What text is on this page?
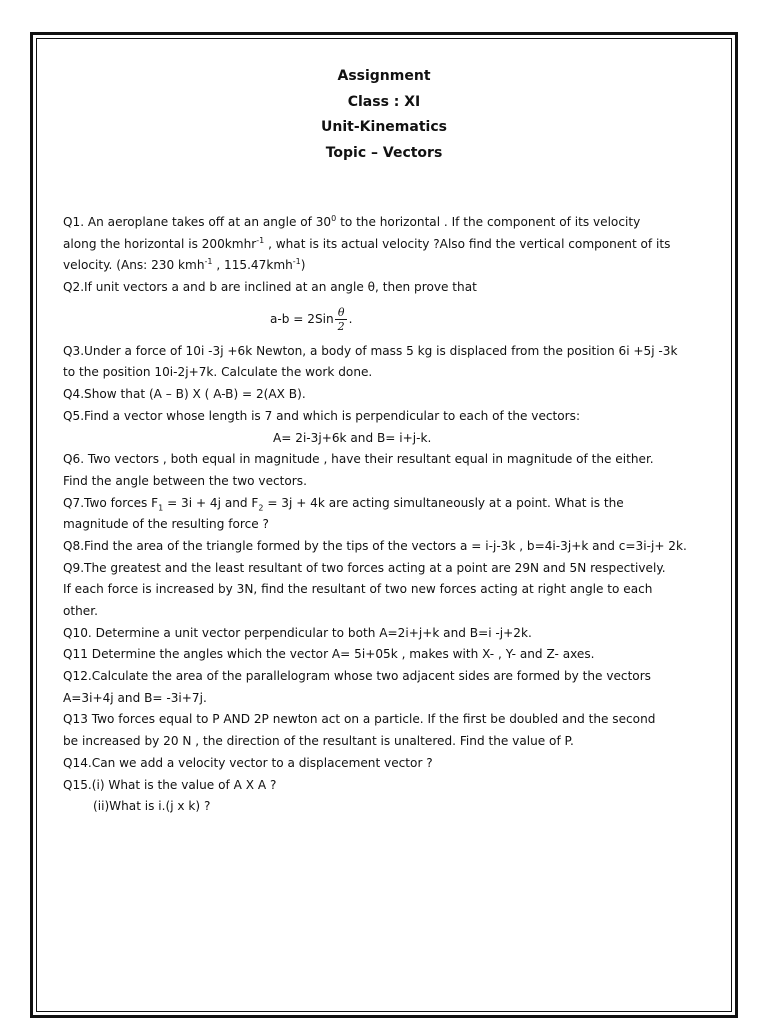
Assignment
Class : XI
Unit-Kinematics
Topic – Vectors
Q1. An aeroplane takes off at an angle of $30^0$ to the horizontal . If the component of its velocity
along the horizontal is 200kmhr$^{-1}$ , what is its actual velocity ?Also find the vertical component of its
velocity. (Ans: 230 kmh$^{-1}$ , 115.47kmh$^{-1}$)
Q2.If unit vectors a and b are inclined at an angle θ, then prove that
$a-b = 2Sin \frac{\theta}{2}$ .
Q3.Under a force of 10i -3j +6k Newton, a body of mass 5 kg is displaced from the position 6i +5j -3k
to the position 10i-2j+7k. Calculate the work done.
Q4.Show that (A – B) X ( A-B) = 2(AX B).
Q5.Find a vector whose length is 7 and which is perpendicular to each of the vectors:
A= 2i-3j+6k and B= i+j-k.
Q6. Two vectors , both equal in magnitude , have their resultant equal in magnitude of the either.
Find the angle between the two vectors.
Q7.Two forces $F_1 = 3i + 4j$ and $F_2 = 3j + 4k$ are acting simultaneously at a point. What is the
magnitude of the resulting force ?
Q8.Find the area of the triangle formed by the tips of the vectors a = i-j-3k , b=4i-3j+k and c=3i-j+ 2k.
Q9.The greatest and the least resultant of two forces acting at a point are 29N and 5N respectively.
If each force is increased by 3N, find the resultant of two new forces acting at right angle to each
other.
Q10. Determine a unit vector perpendicular to both A=2i+j+k and B=i -j+2k.
Q11 Determine the angles which the vector A= 5i+05k , makes with X- , Y- and Z- axes.
Q12.Calculate the area of the parallelogram whose two adjacent sides are formed by the vectors
A=3i+4j and B= -3i+7j.
Q13 Two forces equal to P AND 2P newton act on a particle. If the first be doubled and the second
be increased by 20 N , the direction of the resultant is unaltered. Find the value of P.
Q14.Can we add a velocity vector to a displacement vector ?
Q15.(i) What is the value of A X A ?
(ii)What is i.(j x k) ?
